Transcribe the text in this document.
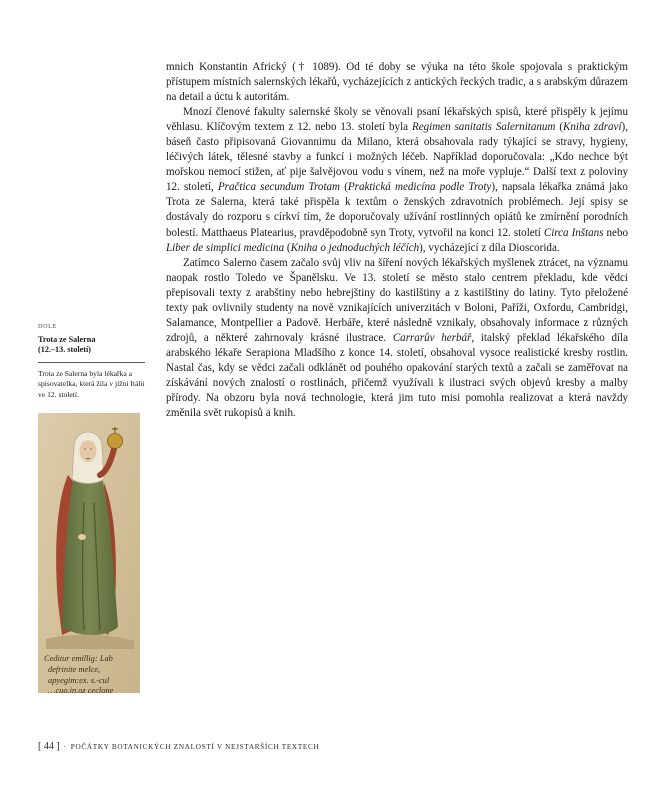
mnich Konstantin Africký († 1089). Od té doby se výuka na této škole spojovala s praktickým přístupem místních salernských lékařů, vycházejících z antických řeckých tradic, a s arabským důrazem na detail a úctu k autoritám.

Mnozí členové fakulty salernské školy se věnovali psaní lékařských spisů, které přispěly k jejímu věhlasu. Klíčovým textem z 12. nebo 13. století byla Regimen sanitatis Salernitanum (Kniha zdraví), báseň často připisovaná Giovannimu da Milano, která obsahovala rady týkající se stravy, hygieny, léčivých látek, tělesné stavby a funkcí i možných léčeb. Například doporučovala: „Kdo nechce být mořskou nemocí stižen, ať pije šalvějovou vodu s vínem, než na moře vypluje.“ Další text z poloviny 12. století, Pračtica secundum Trotam (Praktická medicína podle Troty), napsala lékařka známá jako Trota ze Salerna, která také přispěla k textům o ženských zdravotních problémech. Její spisy se dostávaly do rozporu s církví tím, že doporučovaly užívání rostlinných opiátů ke zmírnění porodních bolestí. Matthaeus Platearius, pravděpodobně syn Troty, vytvořil na konci 12. století Circa Inštans nebo Liber de simplici medicina (Kniha o jednoduchých léčích), vycházející z díla Dioscorida.

Zatímco Salerno časem začalo svůj vliv na šíření nových lékařských myšlenek ztrácet, na významu naopak rostlo Toledo ve Španělsku. Ve 13. století se město stalo centrem překladu, kde vědci přepisovali texty z arabštiny nebo hebrejštiny do kastilštiny a z kastilštiny do latiny. Tyto přeložené texty pak ovlivnily studenty na nově vznikajících univerzitách v Boloni, Paříži, Oxfordu, Cambridgi, Salamance, Montpellier a Padově. Herbáře, které následně vznikaly, obsahovaly informace z různých zdrojů, a některé zahrnovaly krásné ilustrace. Carrarův herbář, italský překlad lékařského díla arabského lékaře Serapiona Mladšího z konce 14. století, obsahoval vysoce realistické kresby rostlin. Nastal čas, kdy se vědci začali odklánět od pouhého opakování starých textů a začali se zaměřovat na získávání nových znalostí o rostlinách, přičemž využívali k ilustraci svých objevů kresby a malby přírody. Na obzoru byla nová technologie, která jim tuto misi pomohla realizovat a která navždy změnila svět rukopisů a knih.

DOLE
Trota ze Salerna
(12.–13. století)
Trota ze Salerna byla lékařka a spisovatelka, která žila v jižní Itálii ve 12. století.
Ceditur emillig: Lab
defrinite melce,
apyegim:ex. s.-cul
…cuo.in.oz ceclone
[ 44 ] · POČÁTKY BOTANICKÝCH ZNALOSTÍ V NEJSTARŠÍCH TEXTECH
